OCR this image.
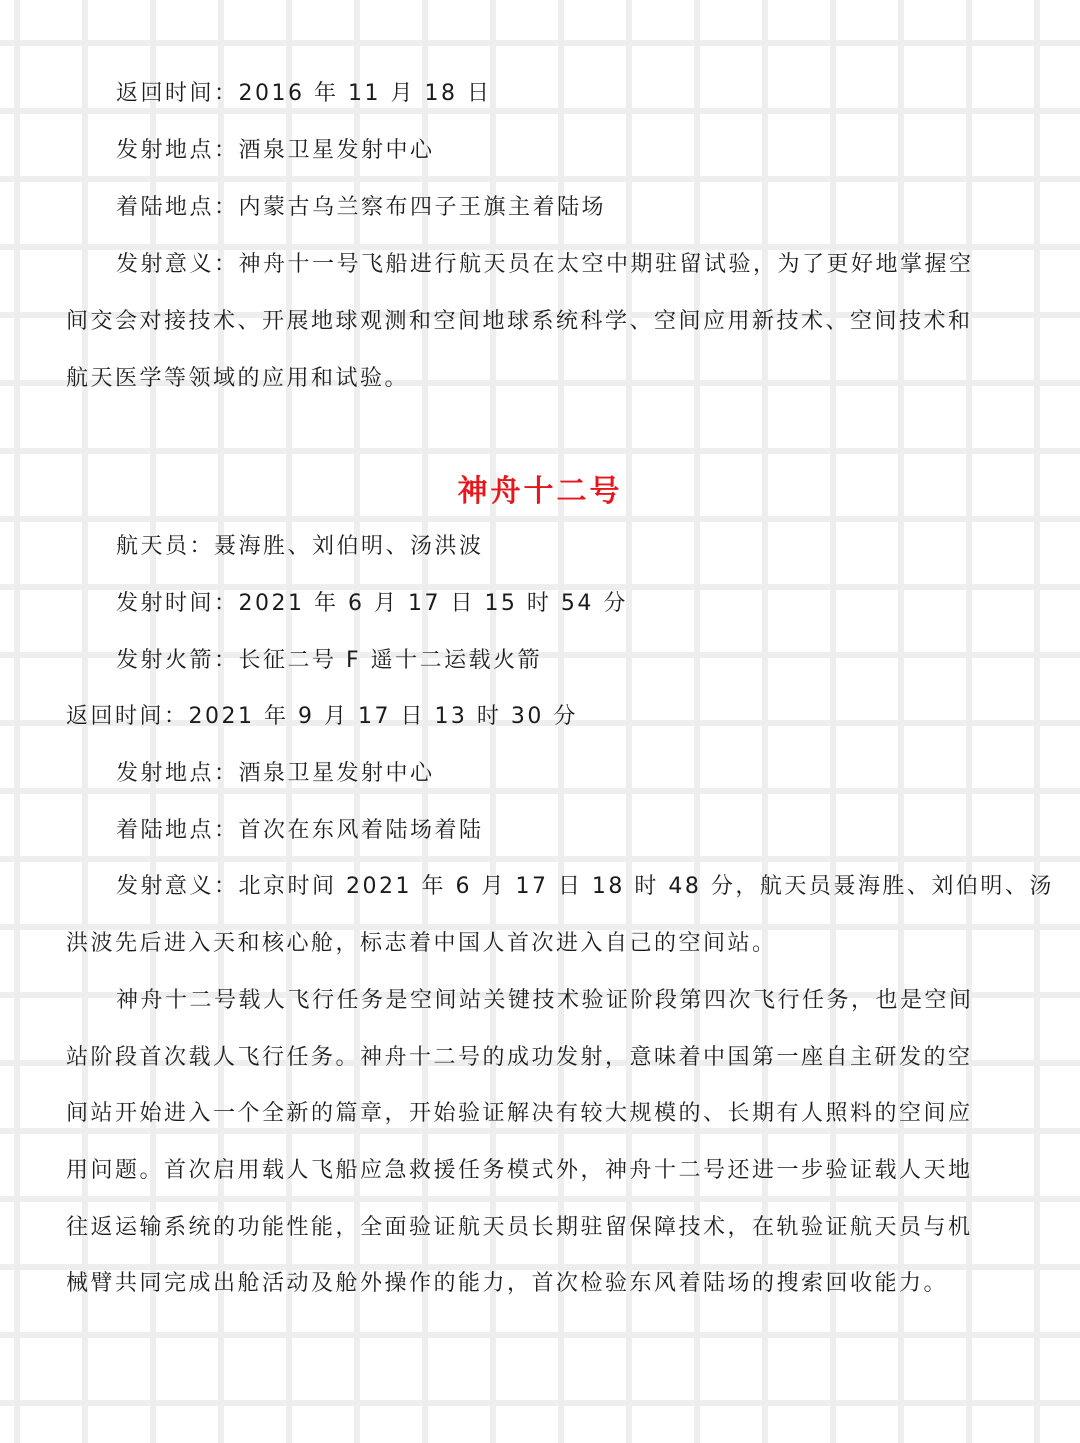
返回时间：2016 年 11 月 18 日

发射地点：酒泉卫星发射中心

着陆地点：内蒙古乌兰察布四子王旗主着陆场

发射意义：神舟十一号飞船进行航天员在太空中期驻留试验，为了更好地掌握空

间交会对接技术、开展地球观测和空间地球系统科学、空间应用新技术、空间技术和

航天医学等领域的应用和试验。

神舟十二号

航天员：聂海胜、刘伯明、汤洪波

发射时间：2021 年 6 月 17 日 15 时 54 分

发射火箭：长征二号 F 遥十二运载火箭

返回时间：2021 年 9 月 17 日 13 时 30 分

发射地点：酒泉卫星发射中心

着陆地点：首次在东风着陆场着陆

发射意义：北京时间 2021 年 6 月 17 日 18 时 48 分，航天员聂海胜、刘伯明、汤

洪波先后进入天和核心舱，标志着中国人首次进入自己的空间站。

神舟十二号载人飞行任务是空间站关键技术验证阶段第四次飞行任务，也是空间

站阶段首次载人飞行任务。神舟十二号的成功发射，意味着中国第一座自主研发的空

间站开始进入一个全新的篇章，开始验证解决有较大规模的、长期有人照料的空间应

用问题。首次启用载人飞船应急救援任务模式外，神舟十二号还进一步验证载人天地

往返运输系统的功能性能，全面验证航天员长期驻留保障技术，在轨验证航天员与机

械臂共同完成出舱活动及舱外操作的能力，首次检验东风着陆场的搜索回收能力。
